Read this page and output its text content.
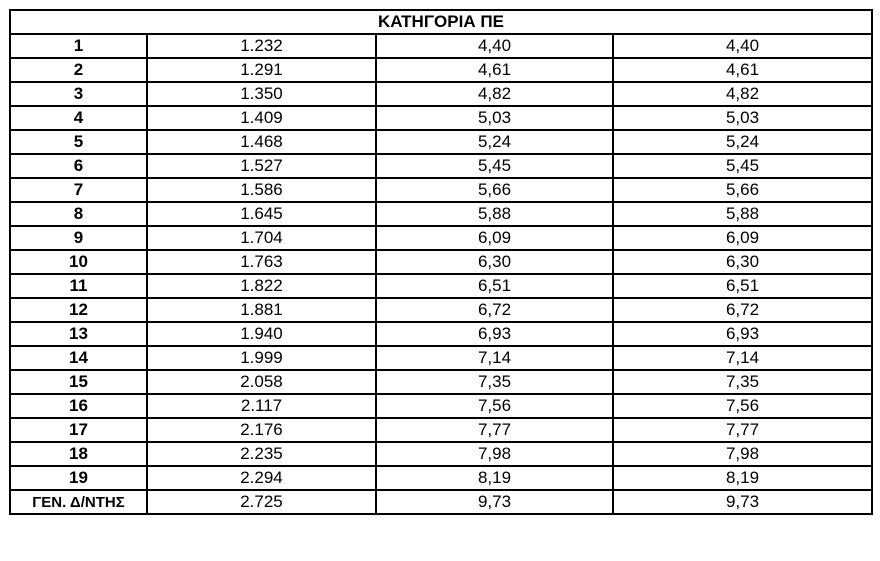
ΚΑΤΗΓΟΡΙΑ ΠΕ			
1	1.232	4,40	4,40
2	1.291	4,61	4,61
3	1.350	4,82	4,82
4	1.409	5,03	5,03
5	1.468	5,24	5,24
6	1.527	5,45	5,45
7	1.586	5,66	5,66
8	1.645	5,88	5,88
9	1.704	6,09	6,09
10	1.763	6,30	6,30
11	1.822	6,51	6,51
12	1.881	6,72	6,72
13	1.940	6,93	6,93
14	1.999	7,14	7,14
15	2.058	7,35	7,35
16	2.117	7,56	7,56
17	2.176	7,77	7,77
18	2.235	7,98	7,98
19	2.294	8,19	8,19
ΓΕΝ. Δ/ΝΤΗΣ	2.725	9,73	9,73
